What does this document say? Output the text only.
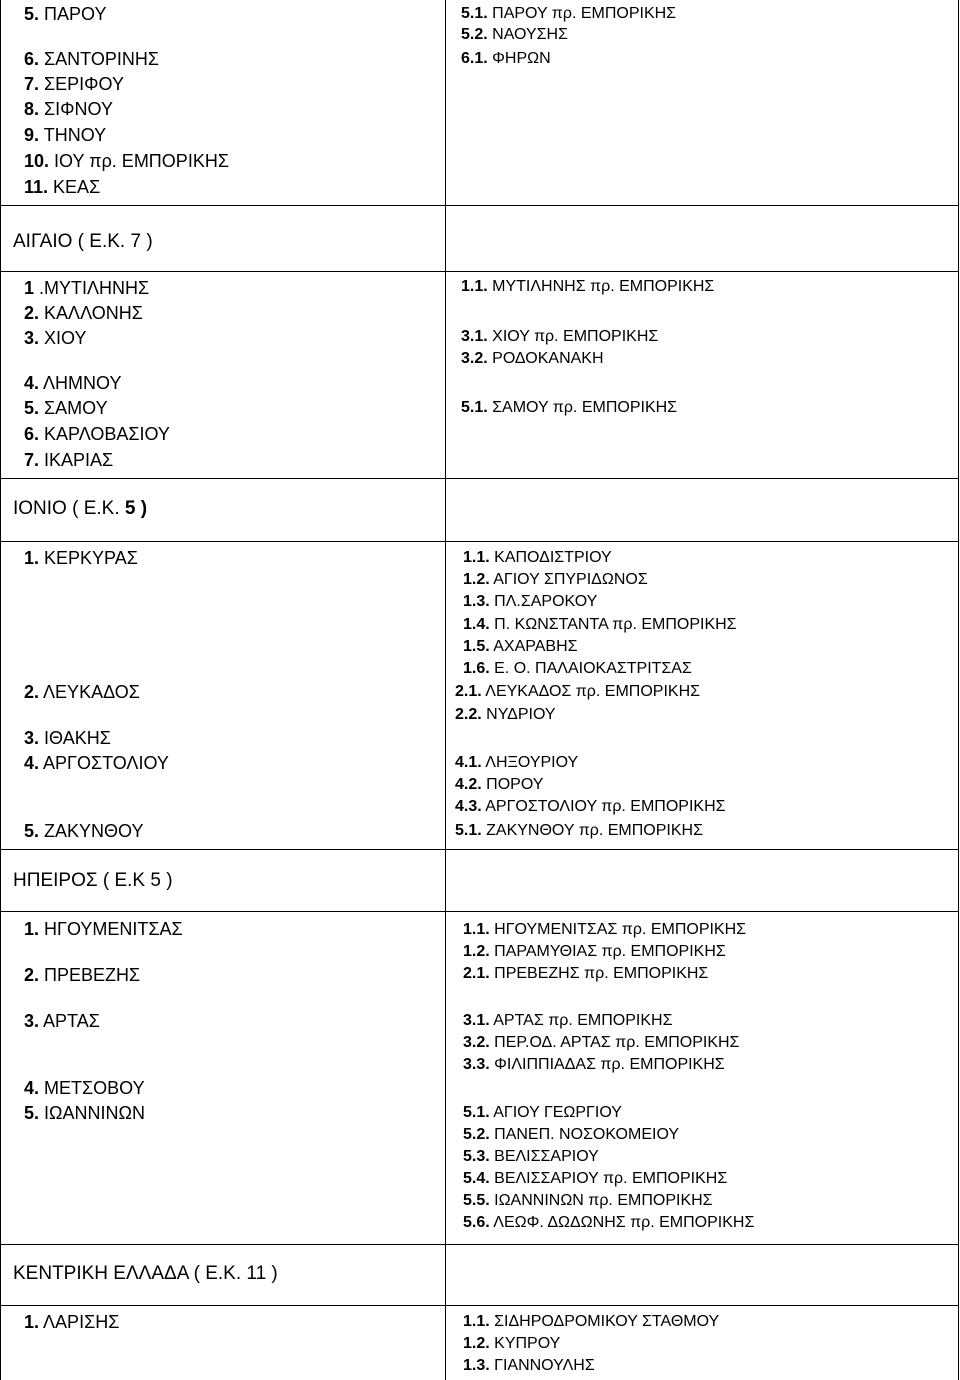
5. ΠΑΡΟΥ
6. ΣΑΝΤΟΡΙΝΗΣ
7. ΣΕΡΙΦΟΥ
8. ΣΙΦΝΟΥ
9. ΤΗΝΟΥ
10. ΙΟΥ πρ. ΕΜΠΟΡΙΚΗΣ
11. ΚΕΑΣ
ΑΙΓΑΙΟ ( Ε.Κ. 7 )
1 .ΜΥΤΙΛΗΝΗΣ
2. ΚΑΛΛΟΝΗΣ
3. ΧΙΟΥ
4. ΛΗΜΝΟΥ
5. ΣΑΜΟΥ
6. ΚΑΡΛΟΒΑΣΙΟΥ
7. ΙΚΑΡΙΑΣ
ΙΟΝΙΟ ( Ε.Κ. 5 )
1. ΚΕΡΚΥΡΑΣ
2. ΛΕΥΚΑΔΟΣ
3. ΙΘΑΚΗΣ
4. ΑΡΓΟΣΤΟΛΙΟΥ
5. ΖΑΚΥΝΘΟΥ
ΗΠΕΙΡΟΣ ( Ε.Κ 5 )
1. ΗΓΟΥΜΕΝΙΤΣΑΣ
2. ΠΡΕΒΕΖΗΣ
3. ΑΡΤΑΣ
4. ΜΕΤΣΟΒΟΥ
5. ΙΩΑΝΝΙΝΩΝ
ΚΕΝΤΡΙΚΗ ΕΛΛΑΔΑ ( Ε.Κ. 11 )
1. ΛΑΡΙΣΗΣ
5.1. ΠΑΡΟΥ πρ. ΕΜΠΟΡΙΚΗΣ
5.2. ΝΑΟΥΣΗΣ
6.1. ΦΗΡΩΝ
1.1. ΜΥΤΙΛΗΝΗΣ πρ. ΕΜΠΟΡΙΚΗΣ
3.1. ΧΙΟΥ πρ. ΕΜΠΟΡΙΚΗΣ
3.2. ΡΟΔΟΚΑΝΑΚΗ
5.1. ΣΑΜΟΥ πρ. ΕΜΠΟΡΙΚΗΣ
1.1. ΚΑΠΟΔΙΣΤΡΙΟΥ
1.2. ΑΓΙΟΥ ΣΠΥΡΙΔΩΝΟΣ
1.3. ΠΛ.ΣΑΡΟΚΟΥ
1.4. Π. ΚΩΝΣΤΑΝΤΑ πρ. ΕΜΠΟΡΙΚΗΣ
1.5. ΑΧΑΡΑΒΗΣ
1.6. Ε. Ο. ΠΑΛΑΙΟΚΑΣΤΡΙΤΣΑΣ
2.1. ΛΕΥΚΑΔΟΣ πρ. ΕΜΠΟΡΙΚΗΣ
2.2. ΝΥΔΡΙΟΥ
4.1. ΛΗΞΟΥΡΙΟΥ
4.2. ΠΟΡΟΥ
4.3. ΑΡΓΟΣΤΟΛΙΟΥ πρ. ΕΜΠΟΡΙΚΗΣ
5.1. ΖΑΚΥΝΘΟΥ πρ. ΕΜΠΟΡΙΚΗΣ
1.1. ΗΓΟΥΜΕΝΙΤΣΑΣ πρ. ΕΜΠΟΡΙΚΗΣ
1.2. ΠΑΡΑΜΥΘΙΑΣ πρ. ΕΜΠΟΡΙΚΗΣ
2.1. ΠΡΕΒΕΖΗΣ πρ. ΕΜΠΟΡΙΚΗΣ
3.1. ΑΡΤΑΣ πρ. ΕΜΠΟΡΙΚΗΣ
3.2. ΠΕΡ.ΟΔ. ΑΡΤΑΣ πρ. ΕΜΠΟΡΙΚΗΣ
3.3. ΦΙΛΙΠΠΙΑΔΑΣ πρ. ΕΜΠΟΡΙΚΗΣ
5.1. ΑΓΙΟΥ ΓΕΩΡΓΙΟΥ
5.2. ΠΑΝΕΠ. ΝΟΣΟΚΟΜΕΙΟΥ
5.3. ΒΕΛΙΣΣΑΡΙΟΥ
5.4. ΒΕΛΙΣΣΑΡΙΟΥ πρ. ΕΜΠΟΡΙΚΗΣ
5.5. ΙΩΑΝΝΙΝΩΝ πρ. ΕΜΠΟΡΙΚΗΣ
5.6. ΛΕΩΦ. ΔΩΔΩΝΗΣ πρ. ΕΜΠΟΡΙΚΗΣ
1.1. ΣΙΔΗΡΟΔΡΟΜΙΚΟΥ ΣΤΑΘΜΟΥ
1.2. ΚΥΠΡΟΥ
1.3. ΓΙΑΝΝΟΥΛΗΣ
